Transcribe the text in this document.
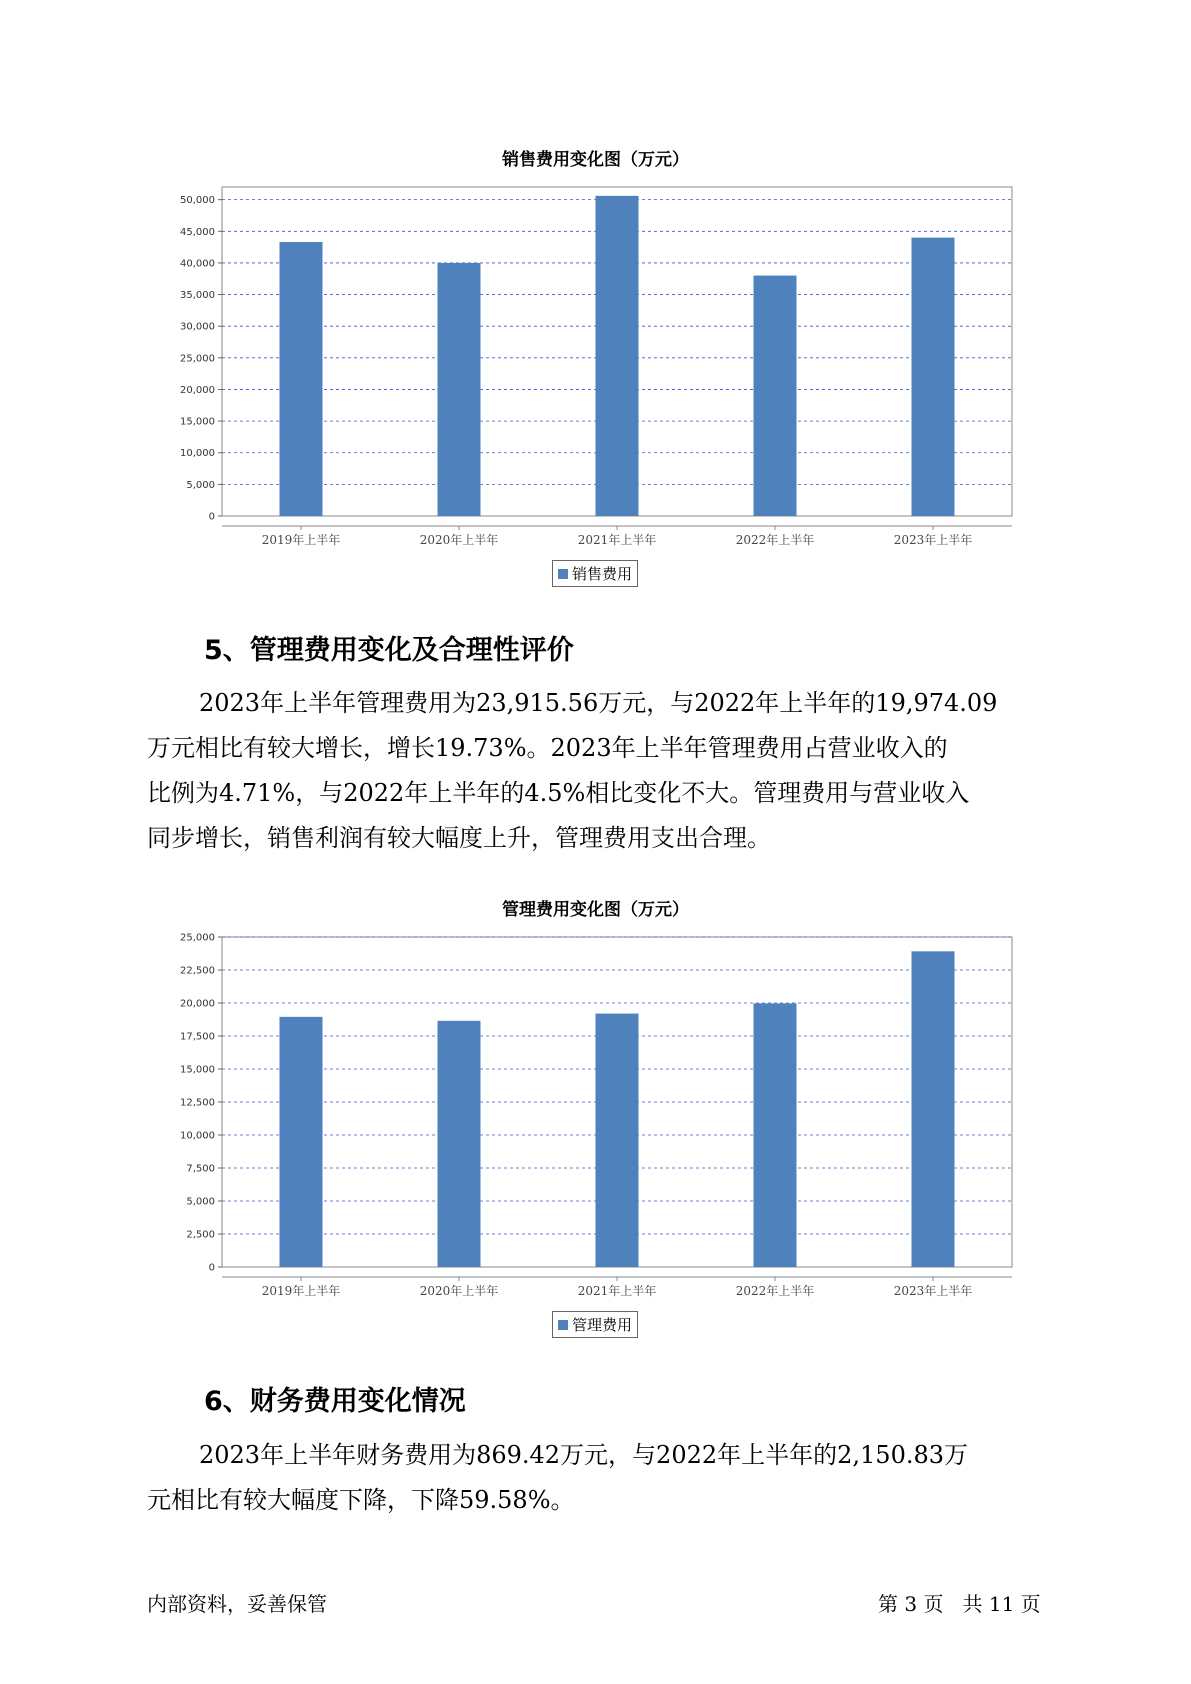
销售费用变化图（万元）
0
5,000
10,000
15,000
20,000
25,000
30,000
35,000
40,000
45,000
50,000
2019年上半年	2020年上半年	2021年上半年	2022年上半年	2023年上半年
销售费用
5、管理费用变化及合理性评价
2023年上半年管理费用为23,915.56万元，与2022年上半年的19,974.09
万元相比有较大增长，增长19.73%。2023年上半年管理费用占营业收入的
比例为4.71%，与2022年上半年的4.5%相比变化不大。管理费用与营业收入
同步增长，销售利润有较大幅度上升，管理费用支出合理。
管理费用变化图（万元）
0
2,500
5,000
7,500
10,000
12,500
15,000
17,500
20,000
22,500
25,000
2019年上半年	2020年上半年	2021年上半年	2022年上半年	2023年上半年
管理费用
6、财务费用变化情况
2023年上半年财务费用为869.42万元，与2022年上半年的2,150.83万
元相比有较大幅度下降，下降59.58%。
内部资料，妥善保管	第 3 页   共 11 页
